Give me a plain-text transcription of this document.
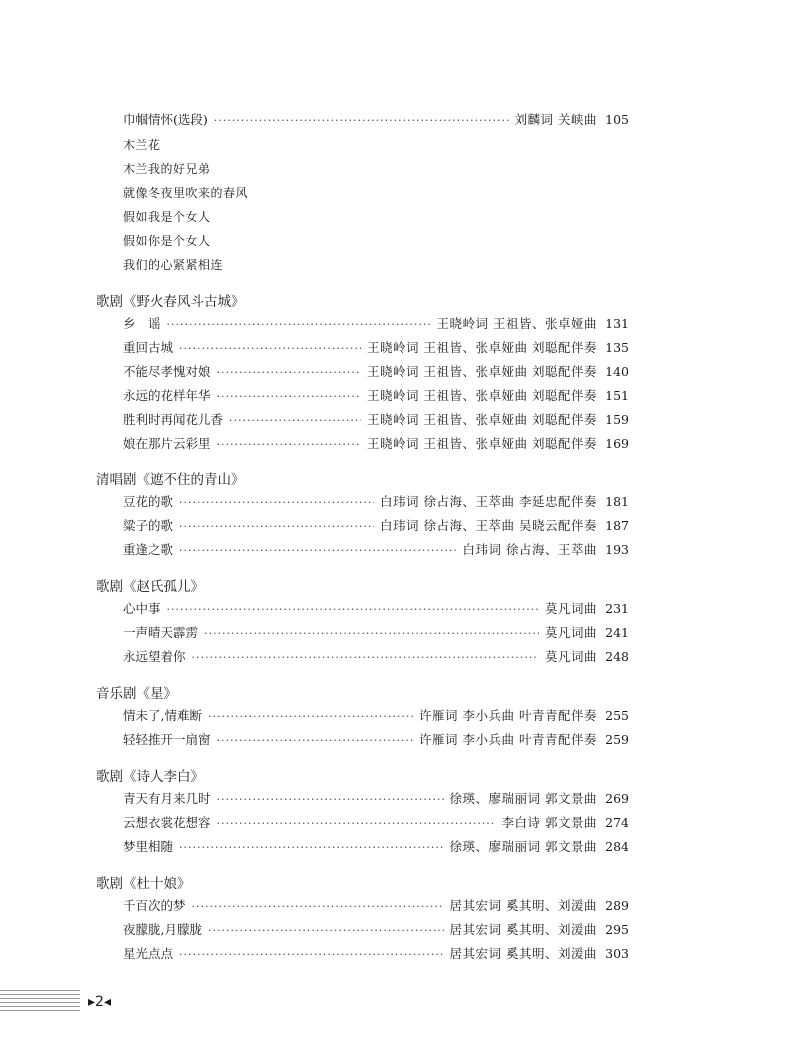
巾帼情怀(选段) ·····	刘麟词 关峡曲 105
木兰花
木兰我的好兄弟
就像冬夜里吹来的春风
假如我是个女人
假如你是个女人
我们的心紧紧相连
歌剧《野火春风斗古城》
乡　谣 ·····	王晓岭词 王祖皆、张卓娅曲 131
重回古城 ·····	王晓岭词 王祖皆、张卓娅曲 刘聪配伴奏 135
不能尽孝愧对娘 ·····	王晓岭词 王祖皆、张卓娅曲 刘聪配伴奏 140
永远的花样年华 ·····	王晓岭词 王祖皆、张卓娅曲 刘聪配伴奏 151
胜利时再闻花儿香 ·····	王晓岭词 王祖皆、张卓娅曲 刘聪配伴奏 159
娘在那片云彩里 ·····	王晓岭词 王祖皆、张卓娅曲 刘聪配伴奏 169
清唱剧《遮不住的青山》
豆花的歌 ·····	白玮词 徐占海、王萃曲 李延忠配伴奏 181
粱子的歌 ·····	白玮词 徐占海、王萃曲 吴晓云配伴奏 187
重逢之歌 ·····	白玮词 徐占海、王萃曲 193
歌剧《赵氏孤儿》
心中事 ·····	莫凡词曲 231
一声晴天霹雳 ·····	莫凡词曲 241
永远望着你 ·····	莫凡词曲 248
音乐剧《星》
情未了,情难断 ·····	许雁词 李小兵曲 叶青青配伴奏 255
轻轻推开一扇窗 ·····	许雁词 李小兵曲 叶青青配伴奏 259
歌剧《诗人李白》
青天有月来几时 ·····	徐瑛、廖瑞丽词 郭文景曲 269
云想衣裳花想容 ·····	李白诗 郭文景曲 274
梦里相随 ·····	徐瑛、廖瑞丽词 郭文景曲 284
歌剧《杜十娘》
千百次的梦 ·····	居其宏词 奚其明、刘湲曲 289
夜朦胧,月朦胧 ·····	居其宏词 奚其明、刘湲曲 295
星光点点 ·····	居其宏词 奚其明、刘湲曲 303
▸2◂
